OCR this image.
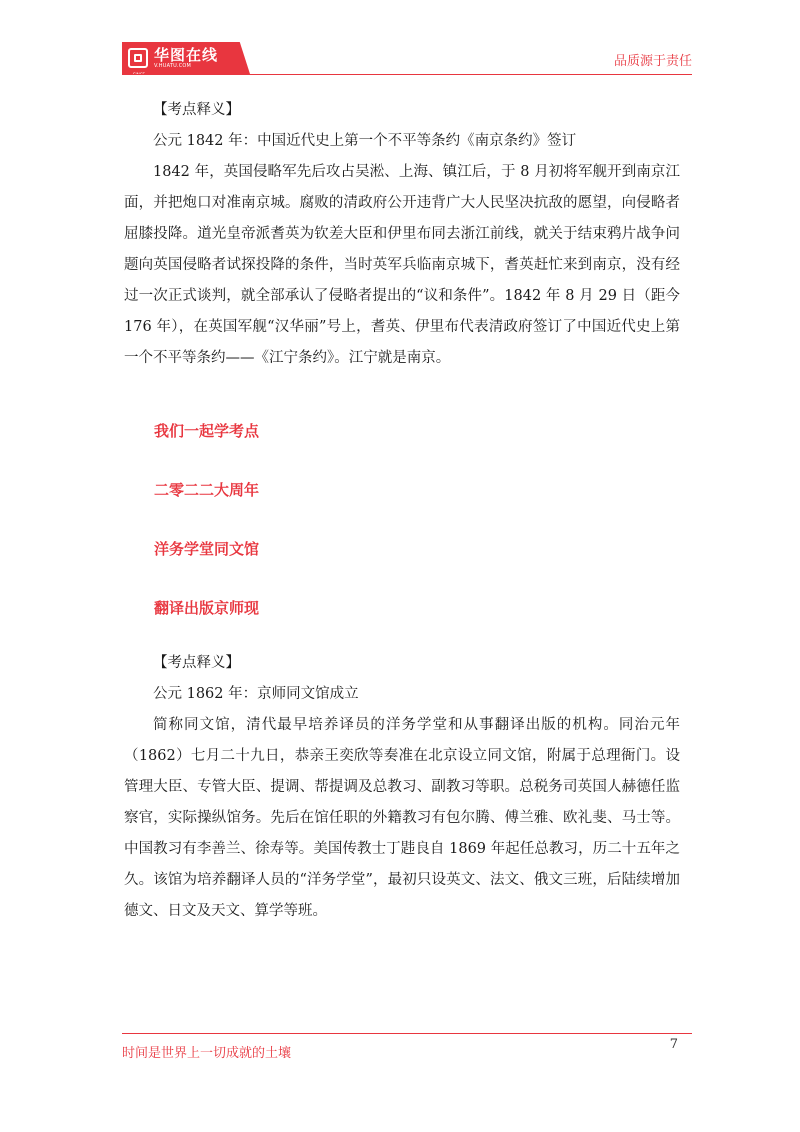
2001
华图在线
V.HUATU.COM	品质源于责任

【考点释义】

公元 1842 年：中国近代史上第一个不平等条约《南京条约》签订

1842 年，英国侵略军先后攻占吴淞、上海、镇江后，于 8 月初将军舰开到南京江面，并把炮口对准南京城。腐败的清政府公开违背广大人民坚决抗敌的愿望，向侵略者屈膝投降。道光皇帝派耆英为钦差大臣和伊里布同去浙江前线，就关于结束鸦片战争问题向英国侵略者试探投降的条件，当时英军兵临南京城下，耆英赶忙来到南京，没有经过一次正式谈判，就全部承认了侵略者提出的“议和条件”。1842 年 8 月 29 日（距今 176 年），在英国军舰“汉华丽”号上，耆英、伊里布代表清政府签订了中国近代史上第一个不平等条约——《江宁条约》。江宁就是南京。

我们一起学考点

二零二二大周年

洋务学堂同文馆

翻译出版京师现

【考点释义】

公元 1862 年：京师同文馆成立

简称同文馆，清代最早培养译员的洋务学堂和从事翻译出版的机构。同治元年（1862）七月二十九日，恭亲王奕欣等奏准在北京设立同文馆，附属于总理衙门。设管理大臣、专管大臣、提调、帮提调及总教习、副教习等职。总税务司英国人赫德任监察官，实际操纵馆务。先后在馆任职的外籍教习有包尔腾、傅兰雅、欧礼斐、马士等。中国教习有李善兰、徐寿等。美国传教士丁韪良自 1869 年起任总教习，历二十五年之久。该馆为培养翻译人员的“洋务学堂”，最初只设英文、法文、俄文三班，后陆续增加德文、日文及天文、算学等班。

时间是世界上一切成就的土壤
7
